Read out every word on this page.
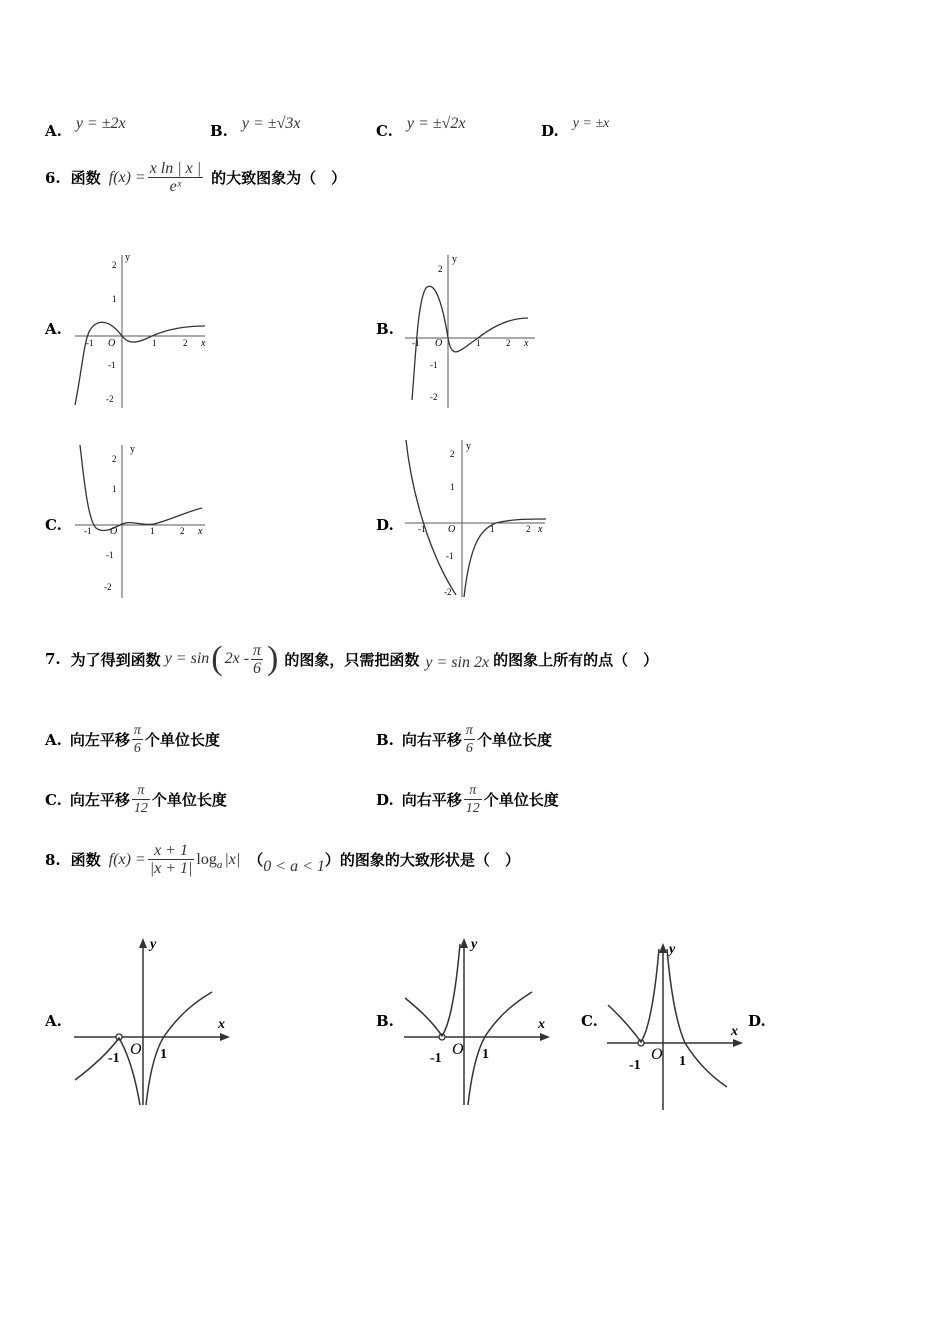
A. y = ±2x	B. y = ±√3x	C. y = ±√2x	D. y = ±x
6. 函数 $f(x) = \frac{\text{x ln | x |}}{\text{eˣ}}$ 的大致图象为（　）
A.	B.
C.	D.
y
x
O
-1	1	2
2
1
-1
-2
y
x
O
-1	1	2
2
-1
-2
y
x
O
-1	1	2
2
1
-1
-2
y
x
O
-1	1	2
2
1
-1
-2
7. 为了得到函数 y = sin ( $2x - \frac{\pi}{6}$ ) 的图象，只需把函数 y = sin 2x 的图象上所有的点（　）
A. 向左平移 $\frac{\pi}{6}$ 个单位长度	B. 向右平移 $\frac{\pi}{6}$ 个单位长度
C. 向左平移 $\frac{\pi}{12}$ 个单位长度	D. 向右平移 $\frac{\pi}{12}$ 个单位长度
8. 函数 $f(x) = \frac{x + 1}{|x + 1|}$ log a |x| （ 0 < a < 1 ）的图象的大致形状是（　）
A.	B.	C.	D.
y
x
O
-1	1
y
x
O
-1	1
y
x
O
-1	1
